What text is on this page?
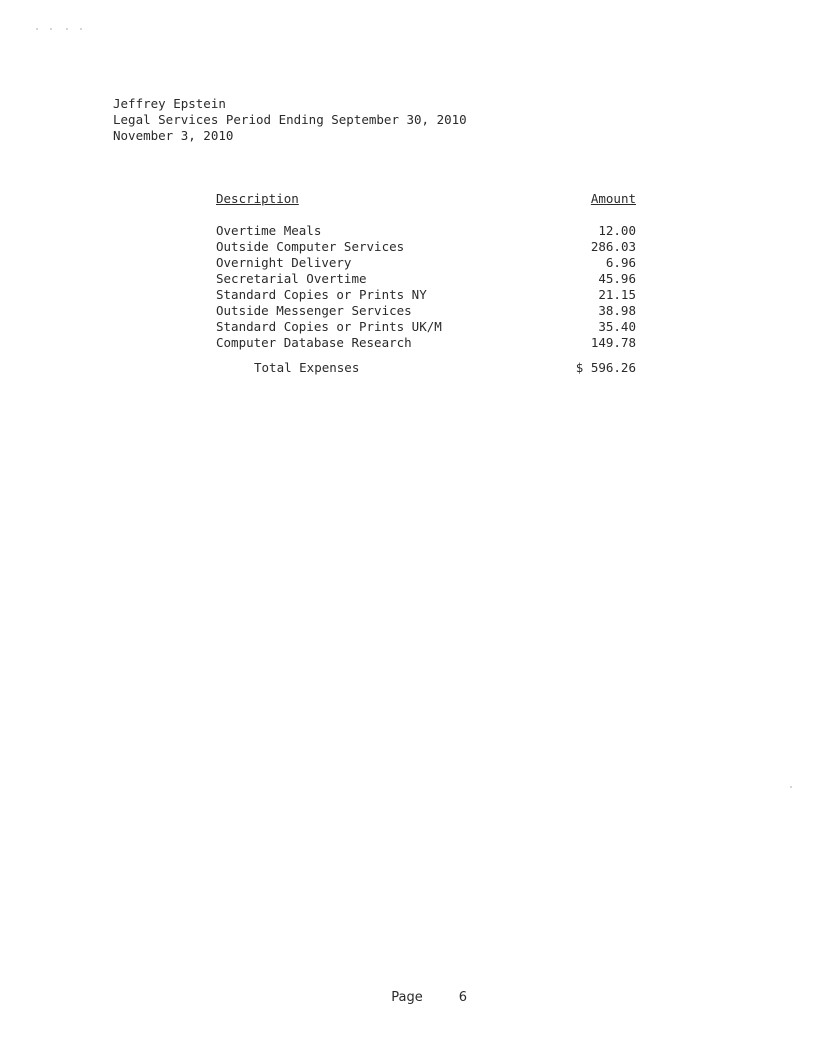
Jeffrey Epstein
Legal Services Period Ending September 30, 2010
November 3, 2010
Description	Amount
Overtime Meals	12.00
Outside Computer Services	286.03
Overnight Delivery	6.96
Secretarial Overtime	45.96
Standard Copies or Prints NY	21.15
Outside Messenger Services	38.98
Standard Copies or Prints UK/M	35.40
Computer Database Research	149.78
Total Expenses	$ 596.26

Page	6
